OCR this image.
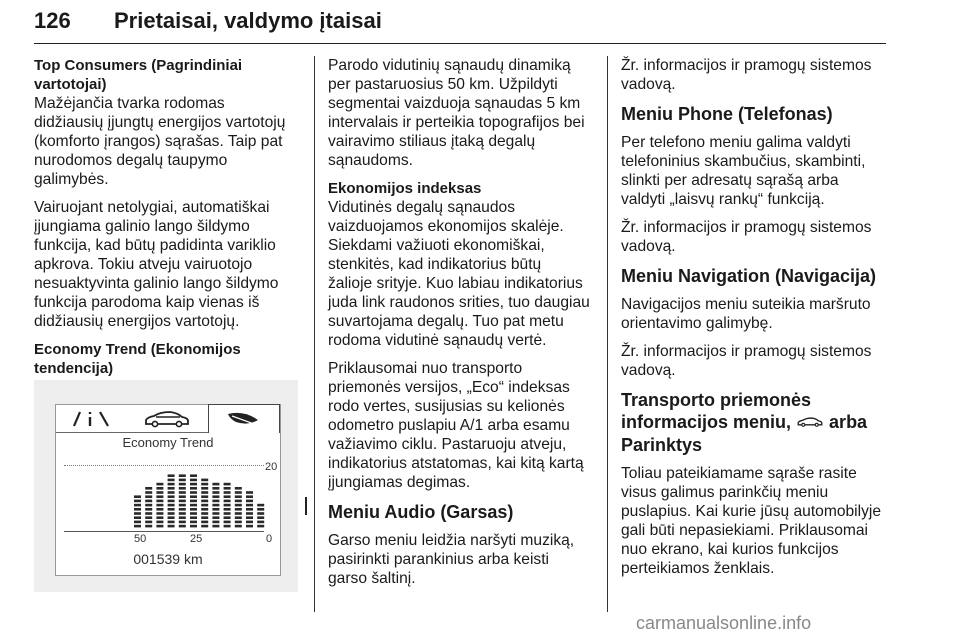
126 Prietaisai, valdymo įtaisai
Top Consumers (Pagrindiniai
vartotojai)

Mažėjančia tvarka rodomas
didžiausių įjungtų energijos vartotojų
(komforto įrangos) sąrašas. Taip pat
nurodomos degalų taupymo
galimybės.

Vairuojant netolygiai, automatiškai
įjungiama galinio lango šildymo
funkcija, kad būtų padidinta variklio
apkrova. Tokiu atveju vairuotojo
nesuaktyvinta galinio lango šildymo
funkcija parodoma kaip vienas iš
didžiausių energijos vartotojų.

Economy Trend (Ekonomijos
tendencija)
Economy Trend
20
50	25	0
001539 km

Parodo vidutinių sąnaudų dinamiką
per pastaruosius 50 km. Užpildyti
segmentai vaizduoja sąnaudas 5 km
intervalais ir perteikia topografijos bei
vairavimo stiliaus įtaką degalų
sąnaudoms.

Ekonomijos indeksas

Vidutinės degalų sąnaudos
vaizduojamos ekonomijos skalėje.
Siekdami važiuoti ekonomiškai,
stenkitės, kad indikatorius būtų
žalioje srityje. Kuo labiau indikatorius
juda link raudonos srities, tuo daugiau
suvartojama degalų. Tuo pat metu
rodoma vidutinė sąnaudų vertė.

Priklausomai nuo transporto
priemonės versijos, „Eco“ indeksas
rodo vertes, susijusias su kelionės
odometro puslapiu A/1 arba esamu
važiavimo ciklu. Pastaruoju atveju,
indikatorius atstatomas, kai kitą kartą
įjungiamas degimas.

Meniu Audio (Garsas)

Garso meniu leidžia naršyti muziką,
pasirinkti parankinius arba keisti
garso šaltinį.

Žr. informacijos ir pramogų sistemos
vadovą.

Meniu Phone (Telefonas)

Per telefono meniu galima valdyti
telefoninius skambučius, skambinti,
slinkti per adresatų sąrašą arba
valdyti „laisvų rankų“ funkciją.

Žr. informacijos ir pramogų sistemos
vadovą.

Meniu Navigation (Navigacija)

Navigacijos meniu suteikia maršruto
orientavimo galimybę.

Žr. informacijos ir pramogų sistemos
vadovą.

Transporto priemonės
informacijos meniu,  arba
Parinktys

Toliau pateikiamame sąraše rasite
visus galimus parinkčių meniu
puslapius. Kai kurie jūsų automobilyje
gali būti nepasiekiami. Priklausomai
nuo ekrano, kai kurios funkcijos
perteikiamos ženklais.

carmanualsonline.info
